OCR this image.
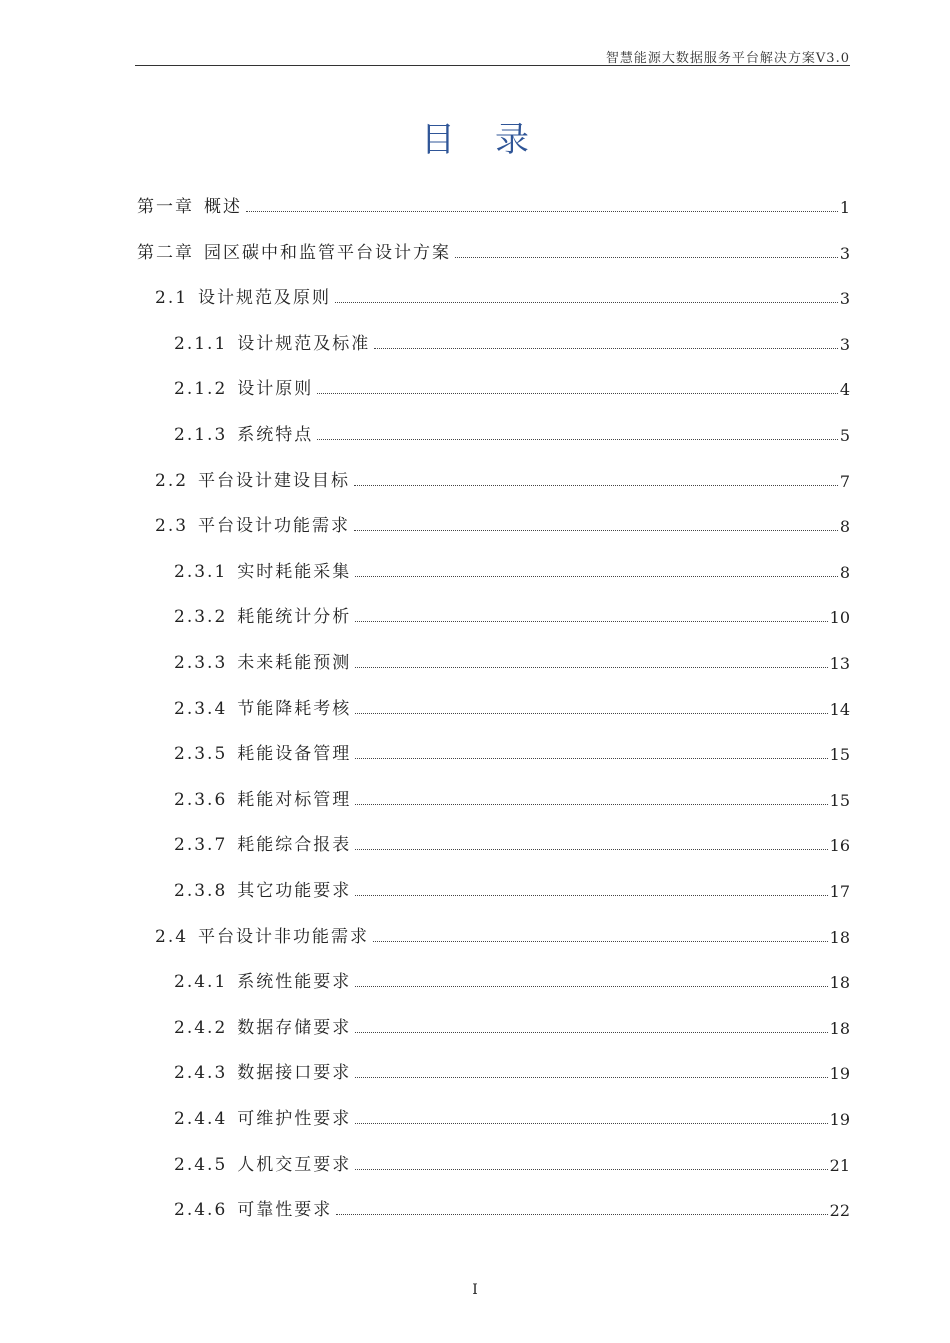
智慧能源大数据服务平台解决方案V3.0
目录
第一章 概述	1
第二章 园区碳中和监管平台设计方案	3
2.1 设计规范及原则	3
2.1.1 设计规范及标准	3
2.1.2 设计原则	4
2.1.3 系统特点	5
2.2 平台设计建设目标	7
2.3 平台设计功能需求	8
2.3.1 实时耗能采集	8
2.3.2 耗能统计分析	10
2.3.3 未来耗能预测	13
2.3.4 节能降耗考核	14
2.3.5 耗能设备管理	15
2.3.6 耗能对标管理	15
2.3.7 耗能综合报表	16
2.3.8 其它功能要求	17
2.4 平台设计非功能需求	18
2.4.1 系统性能要求	18
2.4.2 数据存储要求	18
2.4.3 数据接口要求	19
2.4.4 可维护性要求	19
2.4.5 人机交互要求	21
2.4.6 可靠性要求	22
I
